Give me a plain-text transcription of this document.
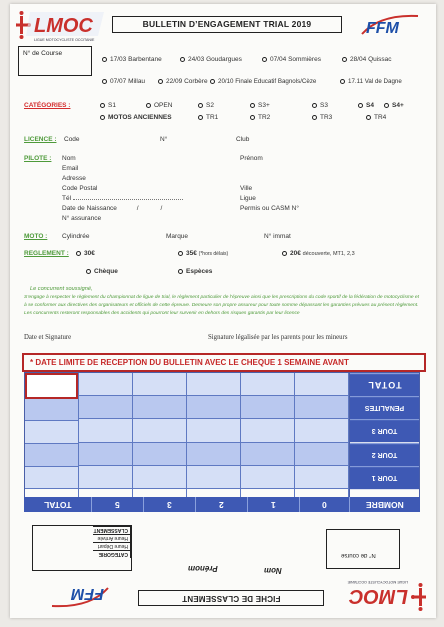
LMOC
LIGUE MOTOCYCLISTE OCCITANIE
BULLETIN D’ENGAGEMENT TRIAL 2019	FFM
N° de Course
17/03 Barbentane	24/03 Goudargues	07/04 Sommières	28/04 Quissac
07/07 Millau	22/09 Corbère	20/10 Finale Educatif Bagnols/Cèze	17.11 Val de Dagne
CATÉGORIES :	S1	OPEN	S2	S3+	S3	S4	S4+
MOTOS ANCIENNES	TR1	TR2	TR3	TR4
LICENCE : Code	N°	Club
PILOTE : Nom	Prénom
Email
Adresse
Code Postal	Ville
Tél	Ligue
Date de Naissance	/	/	Permis ou CASM N°
N° assurance
MOTO : Cylindrée	Marque	N° immat
REGLEMENT :	30€	35€ (*hors délais)	20€ découverte, MT1, 2,3
Chèque	Espèces
Le concurrent soussigné,
S’engage à respecter le règlement du championnat de ligue de trial, le règlement particulier de l’épreuve ainsi que les prescriptions du code sportif de la fédération de motocyclisme et à se conformer aux directives des organisateurs et officiels de cette épreuve. Demeure son propre assureur pour toute somme dépassant les garanties prévues au présent règlement. Les concurrents resteront responsables des accidents qui pourront leur survenir en dehors des risques garantis par leur licence
Date et Signature	Signature légalisée par les parents pour les mineurs
* DATE LIMITE DE RECEPTION DU BULLETIN AVEC LE CHEQUE 1 SEMAINE AVANT
TOTAL
PENALITES
TOUR 3
TOUR 2
TOUR 1
TOTAL	5	3	2	1	0	NOMBRE
CLASSEMENT
Heure Arrivée
Heure Départ
CATEGORIE
Prénom	Nom
N° de course
FFM	FICHE DE CLASSEMENT	LMOC
LIGUE MOTOCYCLISTE OCCITANIE
